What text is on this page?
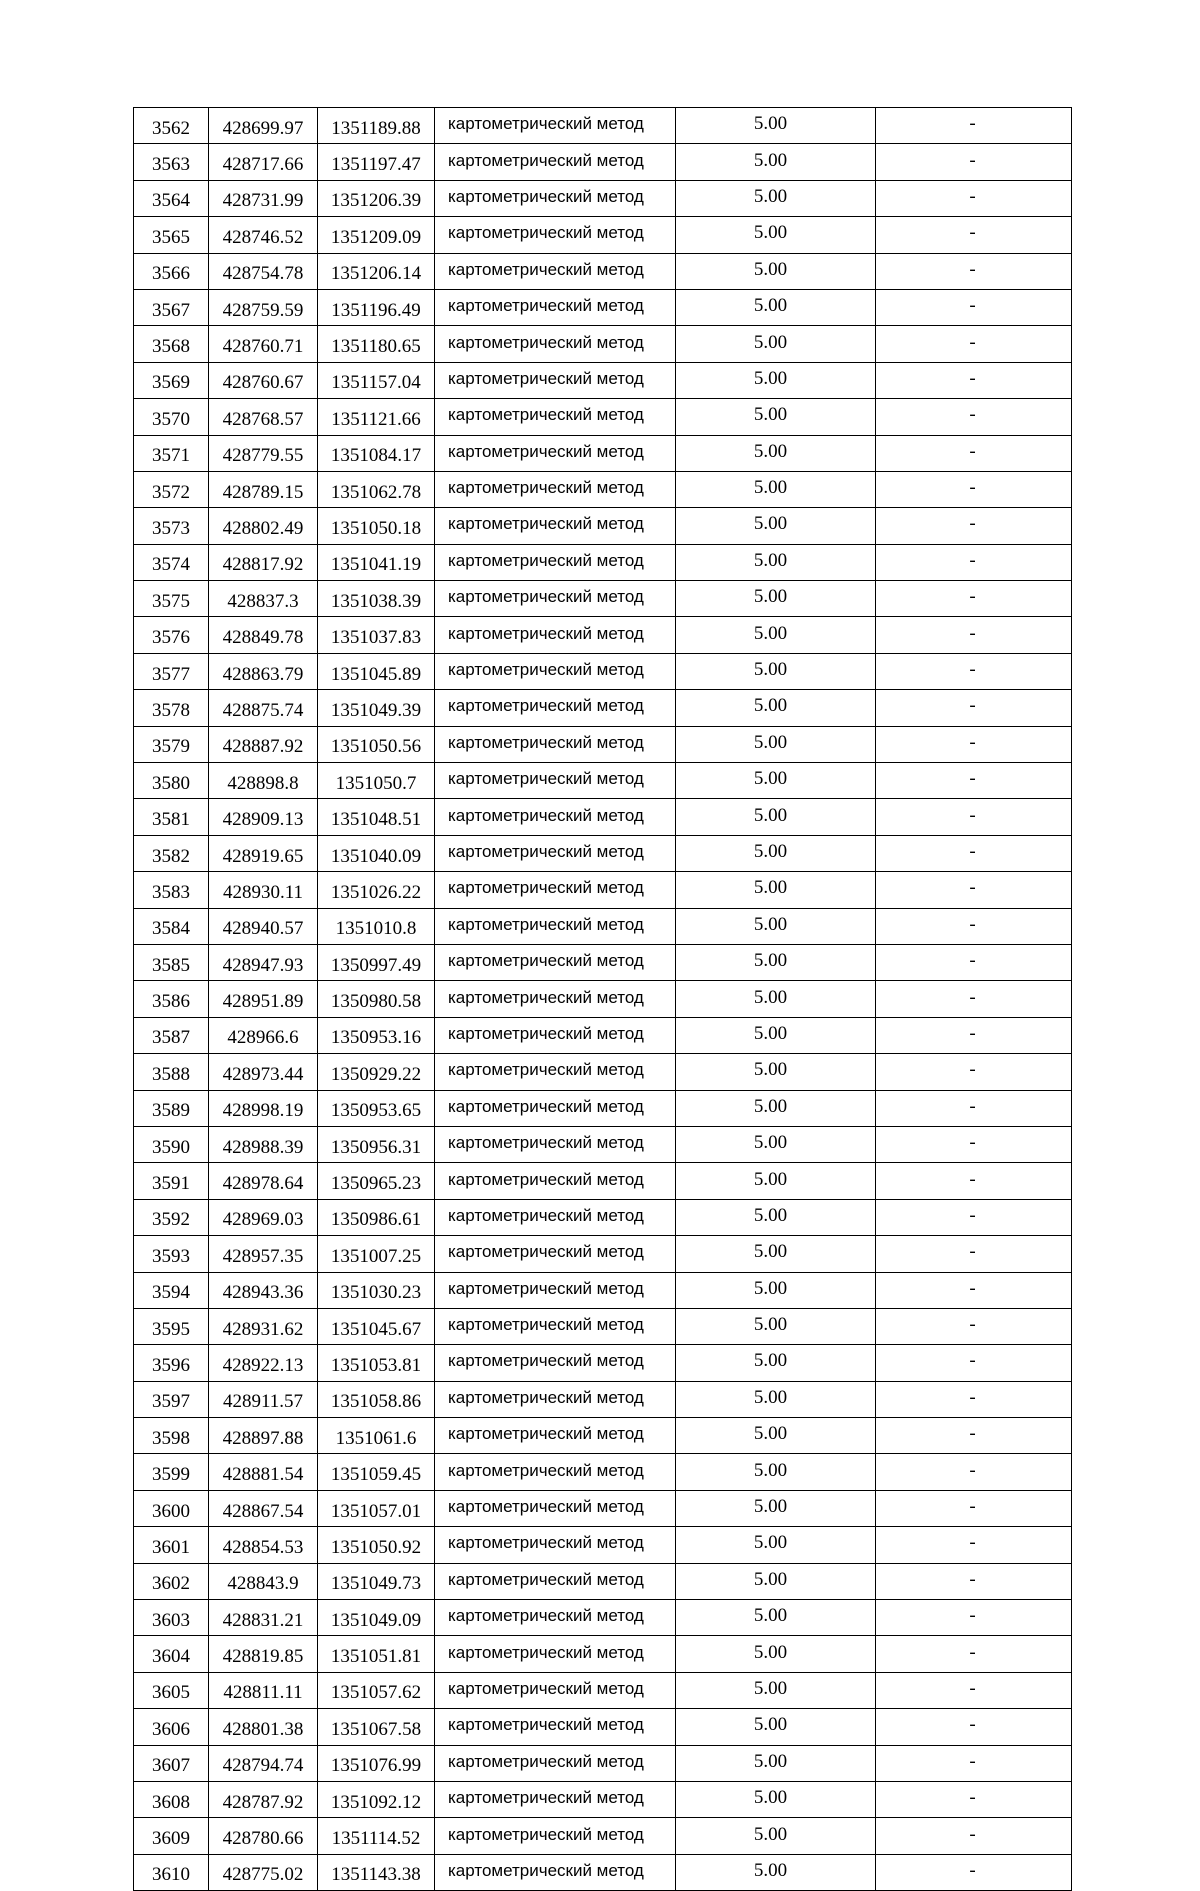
3562	428699.97	1351189.88	картометрический метод	5.00	-
3563	428717.66	1351197.47	картометрический метод	5.00	-
3564	428731.99	1351206.39	картометрический метод	5.00	-
3565	428746.52	1351209.09	картометрический метод	5.00	-
3566	428754.78	1351206.14	картометрический метод	5.00	-
3567	428759.59	1351196.49	картометрический метод	5.00	-
3568	428760.71	1351180.65	картометрический метод	5.00	-
3569	428760.67	1351157.04	картометрический метод	5.00	-
3570	428768.57	1351121.66	картометрический метод	5.00	-
3571	428779.55	1351084.17	картометрический метод	5.00	-
3572	428789.15	1351062.78	картометрический метод	5.00	-
3573	428802.49	1351050.18	картометрический метод	5.00	-
3574	428817.92	1351041.19	картометрический метод	5.00	-
3575	428837.3	1351038.39	картометрический метод	5.00	-
3576	428849.78	1351037.83	картометрический метод	5.00	-
3577	428863.79	1351045.89	картометрический метод	5.00	-
3578	428875.74	1351049.39	картометрический метод	5.00	-
3579	428887.92	1351050.56	картометрический метод	5.00	-
3580	428898.8	1351050.7	картометрический метод	5.00	-
3581	428909.13	1351048.51	картометрический метод	5.00	-
3582	428919.65	1351040.09	картометрический метод	5.00	-
3583	428930.11	1351026.22	картометрический метод	5.00	-
3584	428940.57	1351010.8	картометрический метод	5.00	-
3585	428947.93	1350997.49	картометрический метод	5.00	-
3586	428951.89	1350980.58	картометрический метод	5.00	-
3587	428966.6	1350953.16	картометрический метод	5.00	-
3588	428973.44	1350929.22	картометрический метод	5.00	-
3589	428998.19	1350953.65	картометрический метод	5.00	-
3590	428988.39	1350956.31	картометрический метод	5.00	-
3591	428978.64	1350965.23	картометрический метод	5.00	-
3592	428969.03	1350986.61	картометрический метод	5.00	-
3593	428957.35	1351007.25	картометрический метод	5.00	-
3594	428943.36	1351030.23	картометрический метод	5.00	-
3595	428931.62	1351045.67	картометрический метод	5.00	-
3596	428922.13	1351053.81	картометрический метод	5.00	-
3597	428911.57	1351058.86	картометрический метод	5.00	-
3598	428897.88	1351061.6	картометрический метод	5.00	-
3599	428881.54	1351059.45	картометрический метод	5.00	-
3600	428867.54	1351057.01	картометрический метод	5.00	-
3601	428854.53	1351050.92	картометрический метод	5.00	-
3602	428843.9	1351049.73	картометрический метод	5.00	-
3603	428831.21	1351049.09	картометрический метод	5.00	-
3604	428819.85	1351051.81	картометрический метод	5.00	-
3605	428811.11	1351057.62	картометрический метод	5.00	-
3606	428801.38	1351067.58	картометрический метод	5.00	-
3607	428794.74	1351076.99	картометрический метод	5.00	-
3608	428787.92	1351092.12	картометрический метод	5.00	-
3609	428780.66	1351114.52	картометрический метод	5.00	-
3610	428775.02	1351143.38	картометрический метод	5.00	-
